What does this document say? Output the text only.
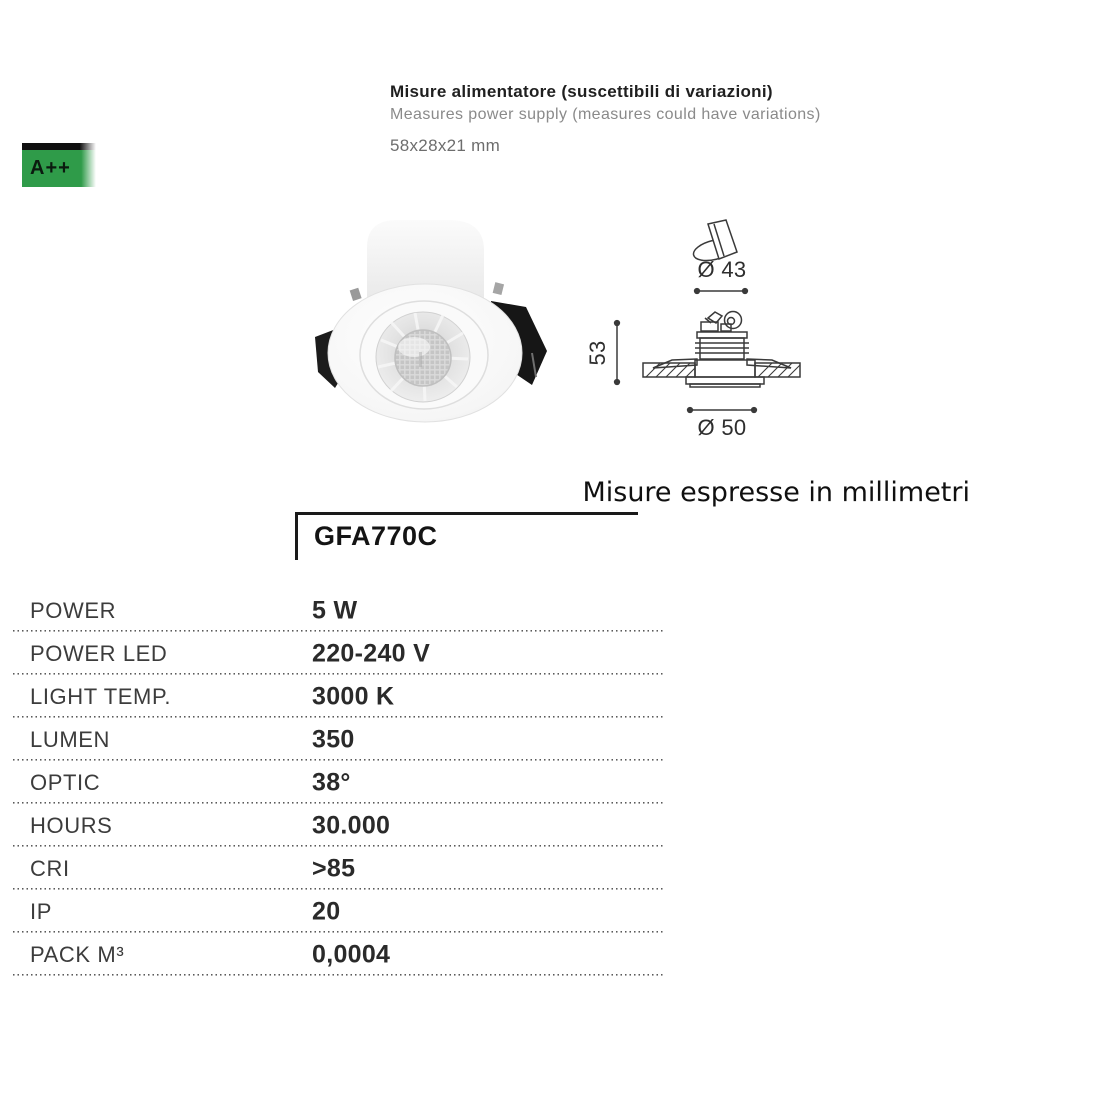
Misure alimentatore (suscettibili di variazioni)
Measures power supply (measures could have variations)
58x28x21 mm
A++
Ø 43
53
Ø 50
Misure espresse in millimetri
GFA770C
POWER	5 W
POWER LED	220-240 V
LIGHT TEMP.	3000 K
LUMEN	350
OPTIC	38°
HOURS	30.000
CRI	>85
IP	20
PACK M³	0,0004
